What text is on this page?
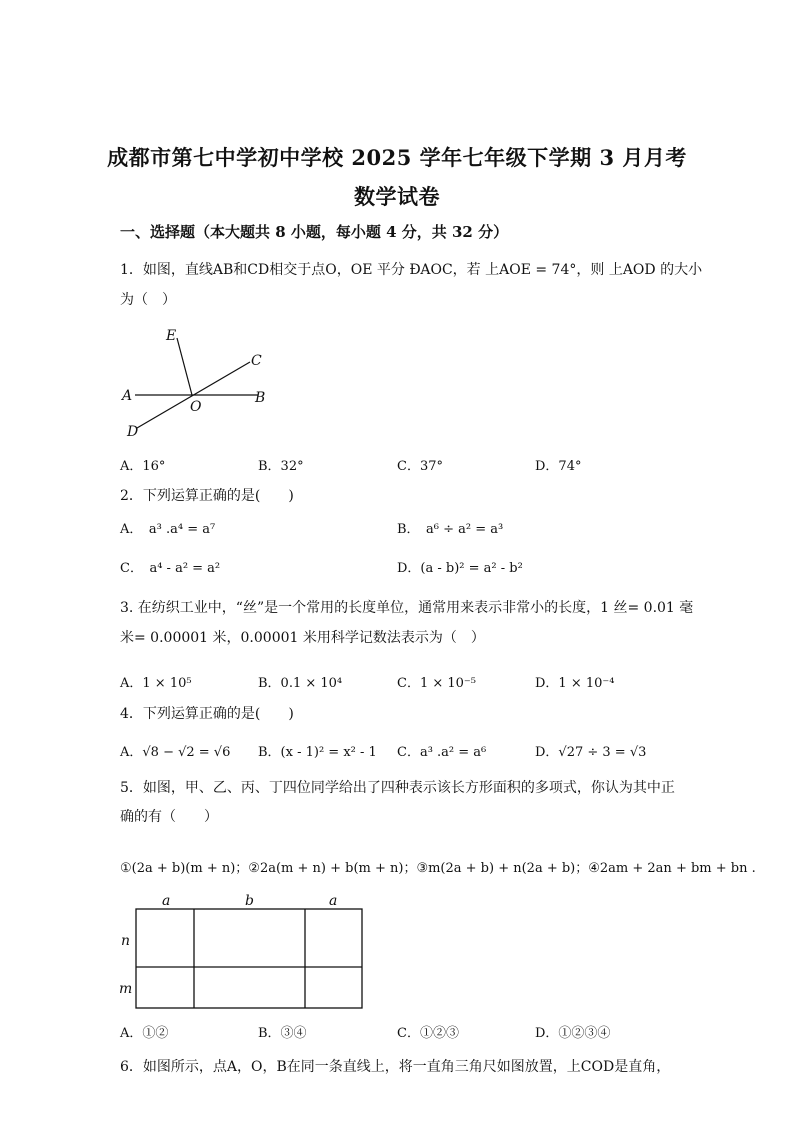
成都市第七中学初中学校 2025 学年七年级下学期 3 月月考
数学试卷
一、选择题（本大题共 8 小题，每小题 4 分，共 32 分）
1．如图，直线AB和CD相交于点O，OE 平分 ÐAOC，若 上AOE = 74°，则 上AOD 的大小
为（　）
E
C
A
O
B
D
A．16°	B．32°	C．37°	D．74°
2．下列运算正确的是(　　)
A．　a³ .a⁴ = a⁷	B．　a⁶ ÷ a² = a³
C．　a⁴ - a² = a²	D．(a - b)² = a² - b²
3. 在纺织工业中，“丝”是一个常用的长度单位，通常用来表示非常小的长度，1 丝= 0.01 毫
米= 0.00001 米，0.00001 米用科学记数法表示为（　）
A．1 × 10⁵	B．0.1 × 10⁴	C．1 × 10⁻⁵	D．1 × 10⁻⁴
4．下列运算正确的是(　　)
A．√8 − √2 = √6 B．(x - 1)² = x² - 1 C．a³ .a² = a⁶	D．√27 ÷ 3 = √3
5．如图，甲、乙、丙、丁四位同学给出了四种表示该长方形面积的多项式，你认为其中正
确的有（　　）
①(2a + b)(m + n)；②2a(m + n) + b(m + n)；③m(2a + b) + n(2a + b)；④2am + 2an + bm + bn .
a	b	a
n
m
A．①②	B．③④	C．①②③	D．①②③④
6．如图所示，点A，O，B在同一条直线上，将一直角三角尺如图放置，上COD是直角，
